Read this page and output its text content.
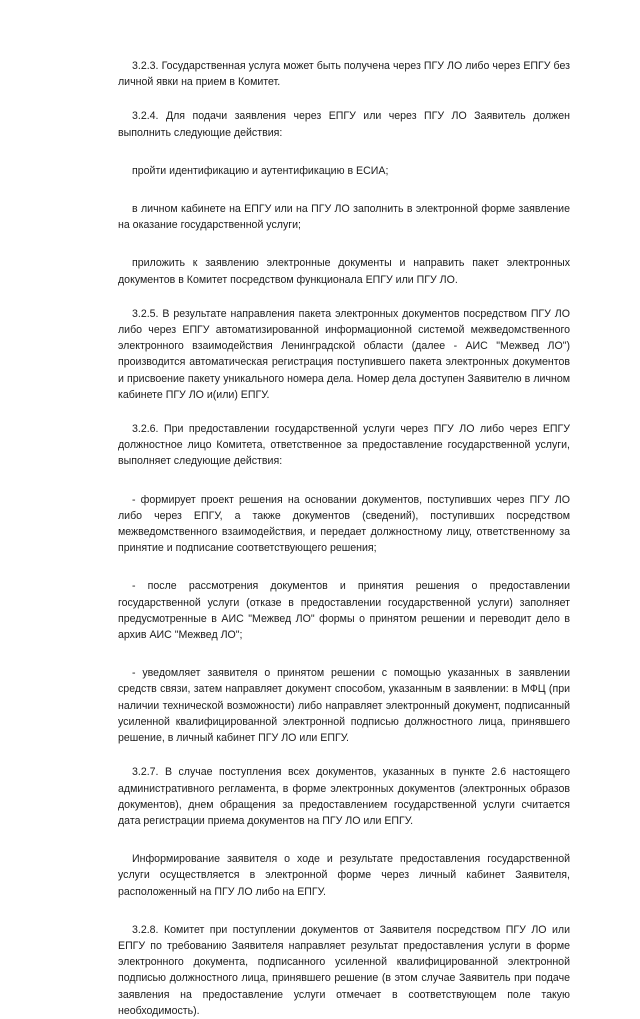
3.2.3. Государственная услуга может быть получена через ПГУ ЛО либо через ЕПГУ без личной явки на прием в Комитет.

3.2.4. Для подачи заявления через ЕПГУ или через ПГУ ЛО Заявитель должен выполнить следующие действия:

пройти идентификацию и аутентификацию в ЕСИА;

в личном кабинете на ЕПГУ или на ПГУ ЛО заполнить в электронной форме заявление на оказание государственной услуги;

приложить к заявлению электронные документы и направить пакет электронных документов в Комитет посредством функционала ЕПГУ или ПГУ ЛО.

3.2.5. В результате направления пакета электронных документов посредством ПГУ ЛО либо через ЕПГУ автоматизированной информационной системой межведомственного электронного взаимодействия Ленинградской области (далее - АИС "Межвед ЛО") производится автоматическая регистрация поступившего пакета электронных документов и присвоение пакету уникального номера дела. Номер дела доступен Заявителю в личном кабинете ПГУ ЛО и(или) ЕПГУ.

3.2.6. При предоставлении государственной услуги через ПГУ ЛО либо через ЕПГУ должностное лицо Комитета, ответственное за предоставление государственной услуги, выполняет следующие действия:

- формирует проект решения на основании документов, поступивших через ПГУ ЛО либо через ЕПГУ, а также документов (сведений), поступивших посредством межведомственного взаимодействия, и передает должностному лицу, ответственному за принятие и подписание соответствующего решения;

- после рассмотрения документов и принятия решения о предоставлении государственной услуги (отказе в предоставлении государственной услуги) заполняет предусмотренные в АИС "Межвед ЛО" формы о принятом решении и переводит дело в архив АИС "Межвед ЛО";

- уведомляет заявителя о принятом решении с помощью указанных в заявлении средств связи, затем направляет документ способом, указанным в заявлении: в МФЦ (при наличии технической возможности) либо направляет электронный документ, подписанный усиленной квалифицированной электронной подписью должностного лица, принявшего решение, в личный кабинет ПГУ ЛО или ЕПГУ.

3.2.7. В случае поступления всех документов, указанных в пункте 2.6 настоящего административного регламента, в форме электронных документов (электронных образов документов), днем обращения за предоставлением государственной услуги считается дата регистрации приема документов на ПГУ ЛО или ЕПГУ.

Информирование заявителя о ходе и результате предоставления государственной услуги осуществляется в электронной форме через личный кабинет Заявителя, расположенный на ПГУ ЛО либо на ЕПГУ.

3.2.8. Комитет при поступлении документов от Заявителя посредством ПГУ ЛО или ЕПГУ по требованию Заявителя направляет результат предоставления услуги в форме электронного документа, подписанного усиленной квалифицированной электронной подписью должностного лица, принявшего решение (в этом случае Заявитель при подаче заявления на предоставление услуги отмечает в соответствующем поле такую необходимость).
